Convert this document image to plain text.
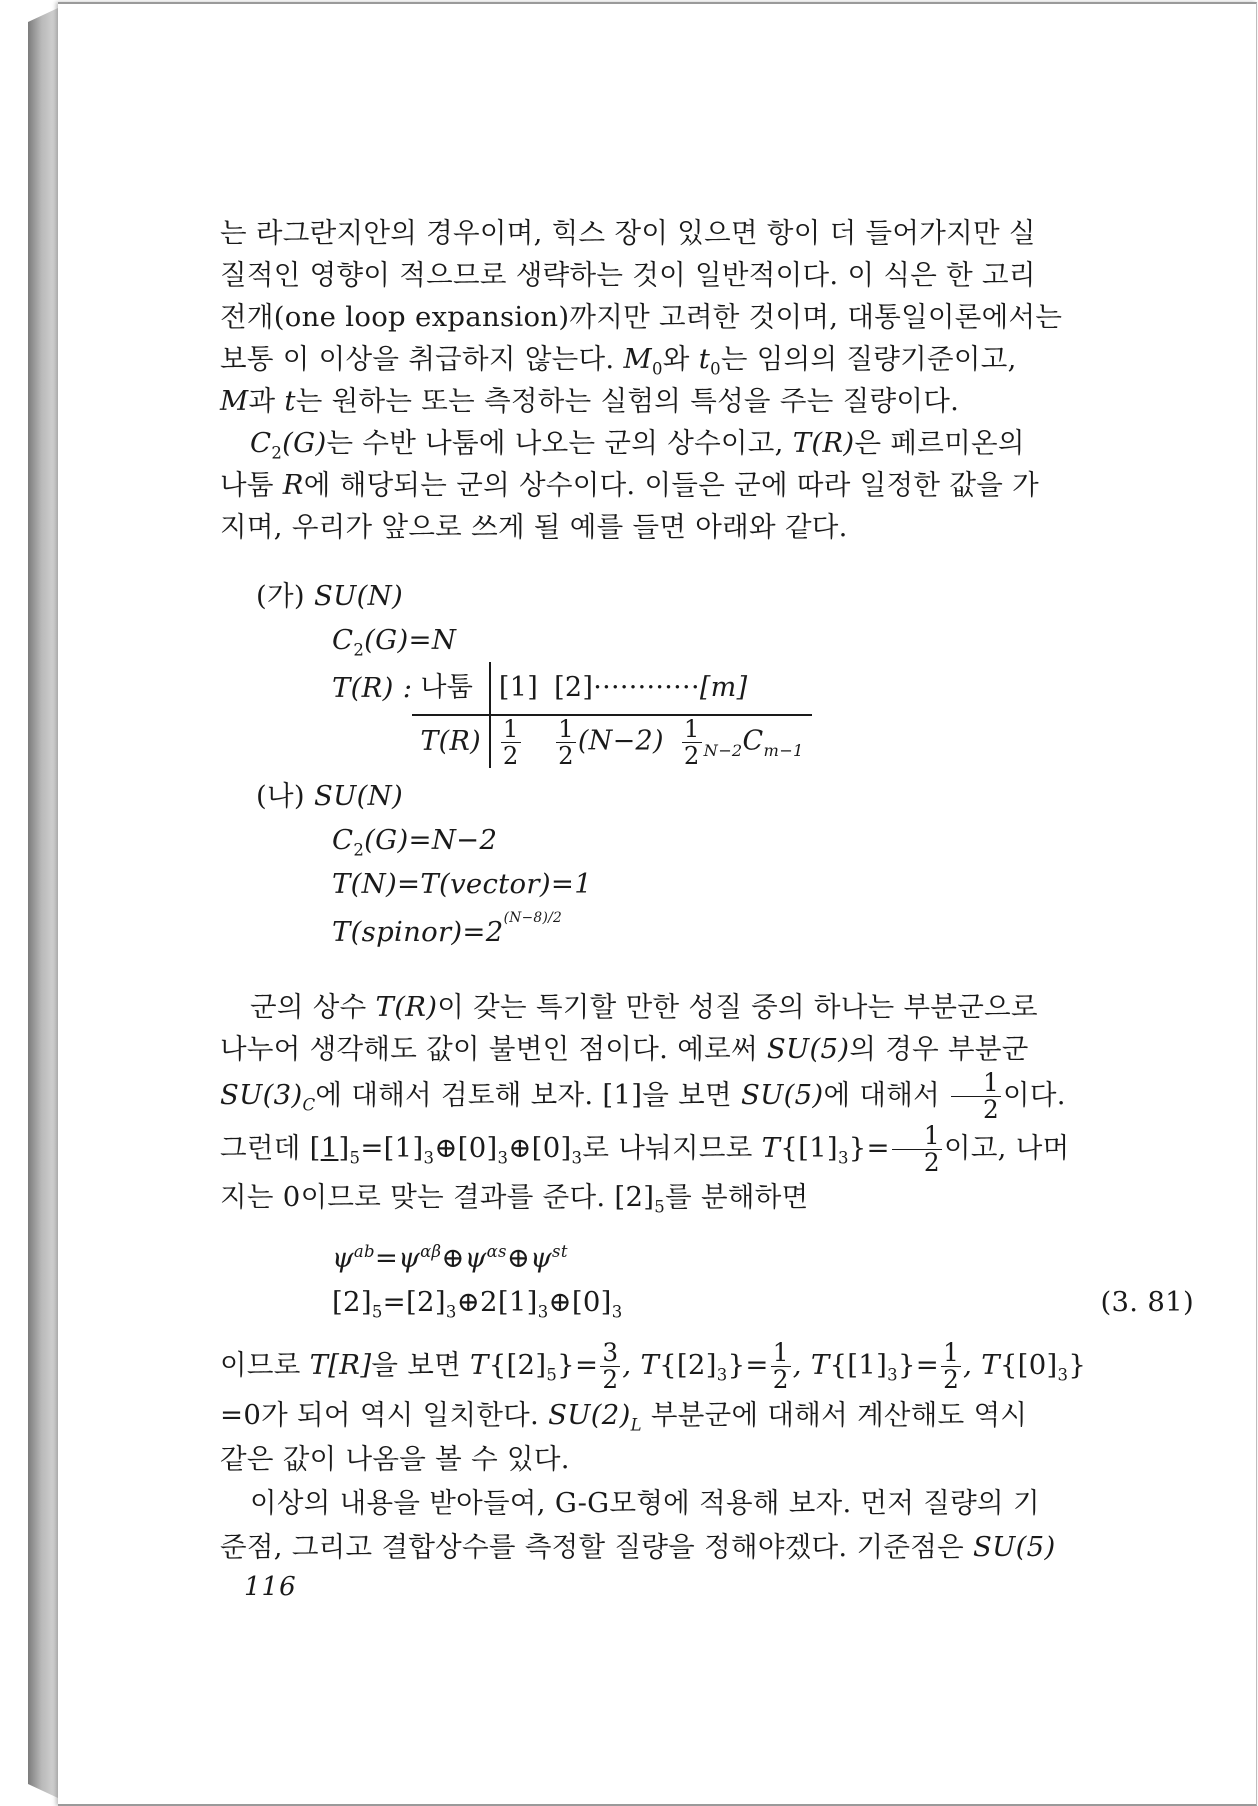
는 라그란지안의 경우이며, 힉스 장이 있으면 항이 더 들어가지만 실
질적인 영향이 적으므로 생략하는 것이 일반적이다. 이 식은 한 고리
전개(one loop expansion)까지만 고려한 것이며, 대통일이론에서는
보통 이 이상을 취급하지 않는다. $M_0$와 $t_0$는 임의의 질량기준이고,
M과 t는 원하는 또는 측정하는 실험의 특성을 주는 질량이다.

$C_2(G)$는 수반 나툼에 나오는 군의 상수이고, T(R)은 페르미온의
나툼 R에 해당되는 군의 상수이다. 이들은 군에 따라 일정한 값을 가
지며, 우리가 앞으로 쓰게 될 예를 들면 아래와 같다.

(가) SU(N)
$C_2(G)=N$
T(R) : 나툼	[1]	[2]············[m]	
T(R)	$\frac{1}{2}$	$\frac{1}{2} (N-2)$	$\frac{1}{2} _{N-2}C_{m-1}$
(나) SU(N)
$C_2(G)=N-2$
T(N)=T(vector)=1
$T(spinor)=2^{(N-8)/2}$

군의 상수 T(R)이 갖는 특기할 만한 성질 중의 하나는 부분군으로
나누어 생각해도 값이 불변인 점이다. 예로써 SU(5)의 경우 부분군
$SU(3)_C$에 대해서 검토해 보자. [1]을 보면 SU(5)에 대해서 $\frac{1}{2}$ 이다.
그런데 $[1]_5=[1]_3\oplus[0]_3\oplus[0]_3$로 나눠지므로 $T\{[1]_3\}= \frac{1}{2}$ 이고, 나머
지는 0이므로 맞는 결과를 준다. $[2]_5$를 분해하면

$\psi^{ab}=\psi^{\alpha\beta}\oplus\psi^{\alpha s}\oplus\psi^{st}$
$[2]_5=[2]_3\oplus 2[1]_3\oplus[0]_3$	(3. 81)

이므로 T[R]을 보면 $T\{[2]_5\}= \frac{3}{2}$ , $T\{[2]_3\}= \frac{1}{2}$ , $T\{[1]_3\}= \frac{1}{2}$ , $T\{[0]_3\}$
=0가 되어 역시 일치한다. $SU(2)_L$ 부분군에 대해서 계산해도 역시
같은 값이 나옴을 볼 수 있다.

이상의 내용을 받아들여, G-G모형에 적용해 보자. 먼저 질량의 기
준점, 그리고 결합상수를 측정할 질량을 정해야겠다. 기준점은 SU(5)

116
